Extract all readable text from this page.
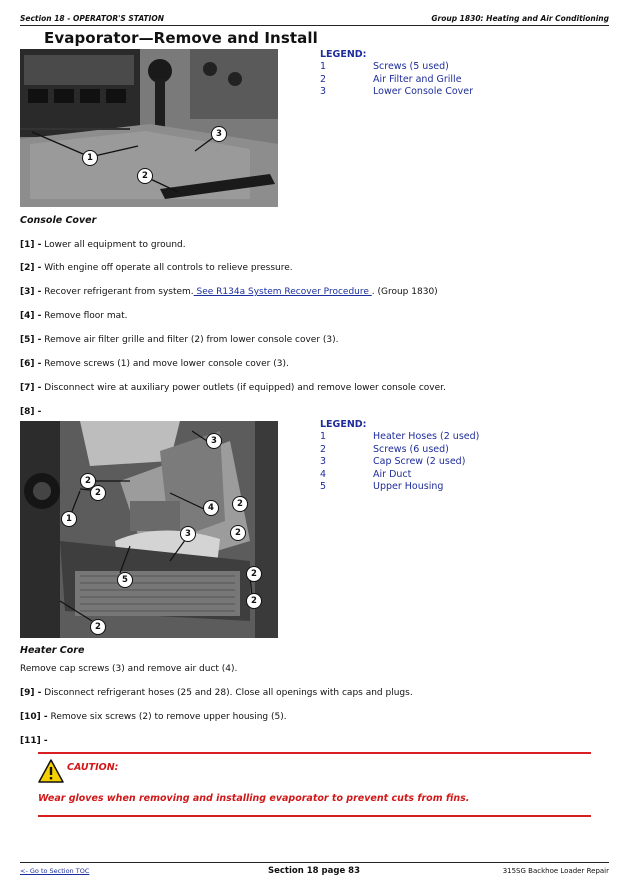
Section 18 - OPERATOR'S STATION	Group 1830: Heating and Air Conditioning
Evaporator—Remove and Install
1
2
3
LEGEND:
1	Screws (5 used)
2	Air Filter and Grille
3	Lower Console Cover
Console Cover
[1] - Lower all equipment to ground.
[2] - With engine off operate all controls to relieve pressure.
[3] - Recover refrigerant from system. See R134a System Recover Procedure . (Group 1830)
[4] - Remove floor mat.
[5] - Remove air filter grille and filter (2) from lower console cover (3).
[6] - Remove screws (1) and move lower console cover (3).
[7] - Disconnect wire at auxiliary power outlets (if equipped) and remove lower console cover.
[8] -
3
2
2
1
2
4
2
3
5
2
2
2
LEGEND:
1	Heater Hoses (2 used)
2	Screws (6 used)
3	Cap Screw (2 used)
4	Air Duct
5	Upper Housing
Heater Core
Remove cap screws (3) and remove air duct (4).
[9] - Disconnect refrigerant hoses (25 and 28). Close all openings with caps and plugs.
[10] - Remove six screws (2) to remove upper housing (5).
[11] -
CAUTION:
Wear gloves when removing and installing evaporator to prevent cuts from fins.
<- Go to Section TOC	Section 18 page 83	315SG Backhoe Loader Repair
